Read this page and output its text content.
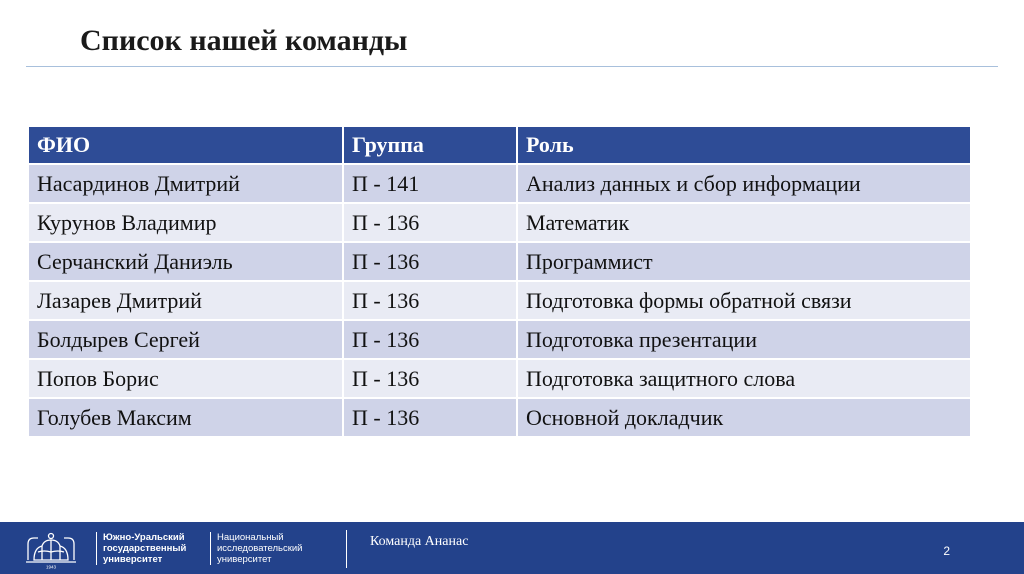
Список нашей команды
ФИО	Группа	Роль
Насардинов Дмитрий	П - 141	Анализ данных и сбор информации
Курунов Владимир	П - 136	Математик
Серчанский Даниэль	П - 136	Программист
Лазарев Дмитрий	П - 136	Подготовка формы обратной связи
Болдырев Сергей	П - 136	Подготовка презентации
Попов Борис	П - 136	Подготовка защитного слова
Голубев Максим	П - 136	Основной докладчик
1943
Южно-Уральский
государственный
университет
Национальный
исследовательский
университет
Команда Ананас
2
